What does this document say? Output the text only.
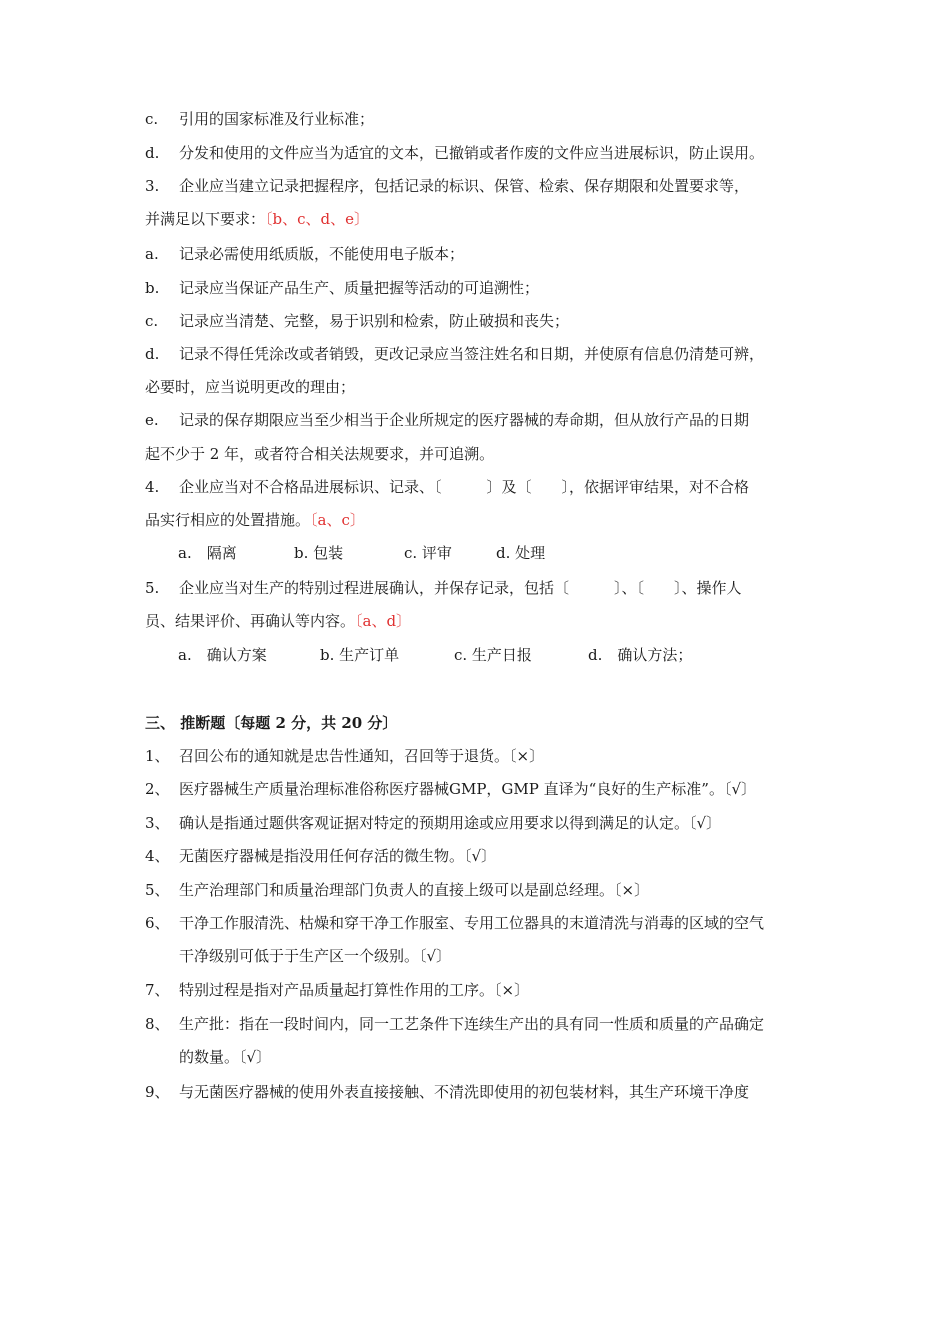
c. 引用的国家标准及行业标准；
d. 分发和使用的文件应当为适宜的文本，已撤销或者作废的文件应当进展标识，防止误用。
3. 企业应当建立记录把握程序，包括记录的标识、保管、检索、保存期限和处置要求等，
并满足以下要求：〔b、c、d、e〕
a. 记录必需使用纸质版，不能使用电子版本；
b. 记录应当保证产品生产、质量把握等活动的可追溯性；
c. 记录应当清楚、完整，易于识别和检索，防止破损和丧失；
d. 记录不得任凭涂改或者销毁，更改记录应当签注姓名和日期，并使原有信息仍清楚可辨，
必要时，应当说明更改的理由；
e. 记录的保存期限应当至少相当于企业所规定的医疗器械的寿命期，但从放行产品的日期
起不少于 2 年，或者符合相关法规要求，并可追溯。
4. 企业应当对不合格品进展标识、记录、〔　　　〕及〔　　〕，依据评审结果，对不合格
品实行相应的处置措施。〔a、c〕
a.　隔离	b. 包装	c. 评审	d. 处理
5. 企业应当对生产的特别过程进展确认，并保存记录，包括〔　　　〕、〔　　〕、操作人
员、结果评价、再确认等内容。〔a、d〕
a.　确认方案	b. 生产订单	c. 生产日报	d.　确认方法；
三、 推断题〔每题 2 分，共 20 分〕
1、 召回公布的通知就是忠告性通知，召回等于退货。〔×〕
2、 医疗器械生产质量治理标准俗称医疗器械GMP，GMP 直译为“良好的生产标准”。〔√〕
3、 确认是指通过题供客观证据对特定的预期用途或应用要求以得到满足的认定。〔√〕
4、 无菌医疗器械是指没用任何存活的微生物。〔√〕
5、 生产治理部门和质量治理部门负责人的直接上级可以是副总经理。〔×〕
6、 干净工作服清洗、枯燥和穿干净工作服室、专用工位器具的末道清洗与消毒的区域的空气
干净级别可低于于生产区一个级别。〔√〕
7、 特别过程是指对产品质量起打算性作用的工序。〔×〕
8、 生产批：指在一段时间内，同一工艺条件下连续生产出的具有同一性质和质量的产品确定
的数量。〔√〕
9、 与无菌医疗器械的使用外表直接接触、不清洗即使用的初包装材料，其生产环境干净度
